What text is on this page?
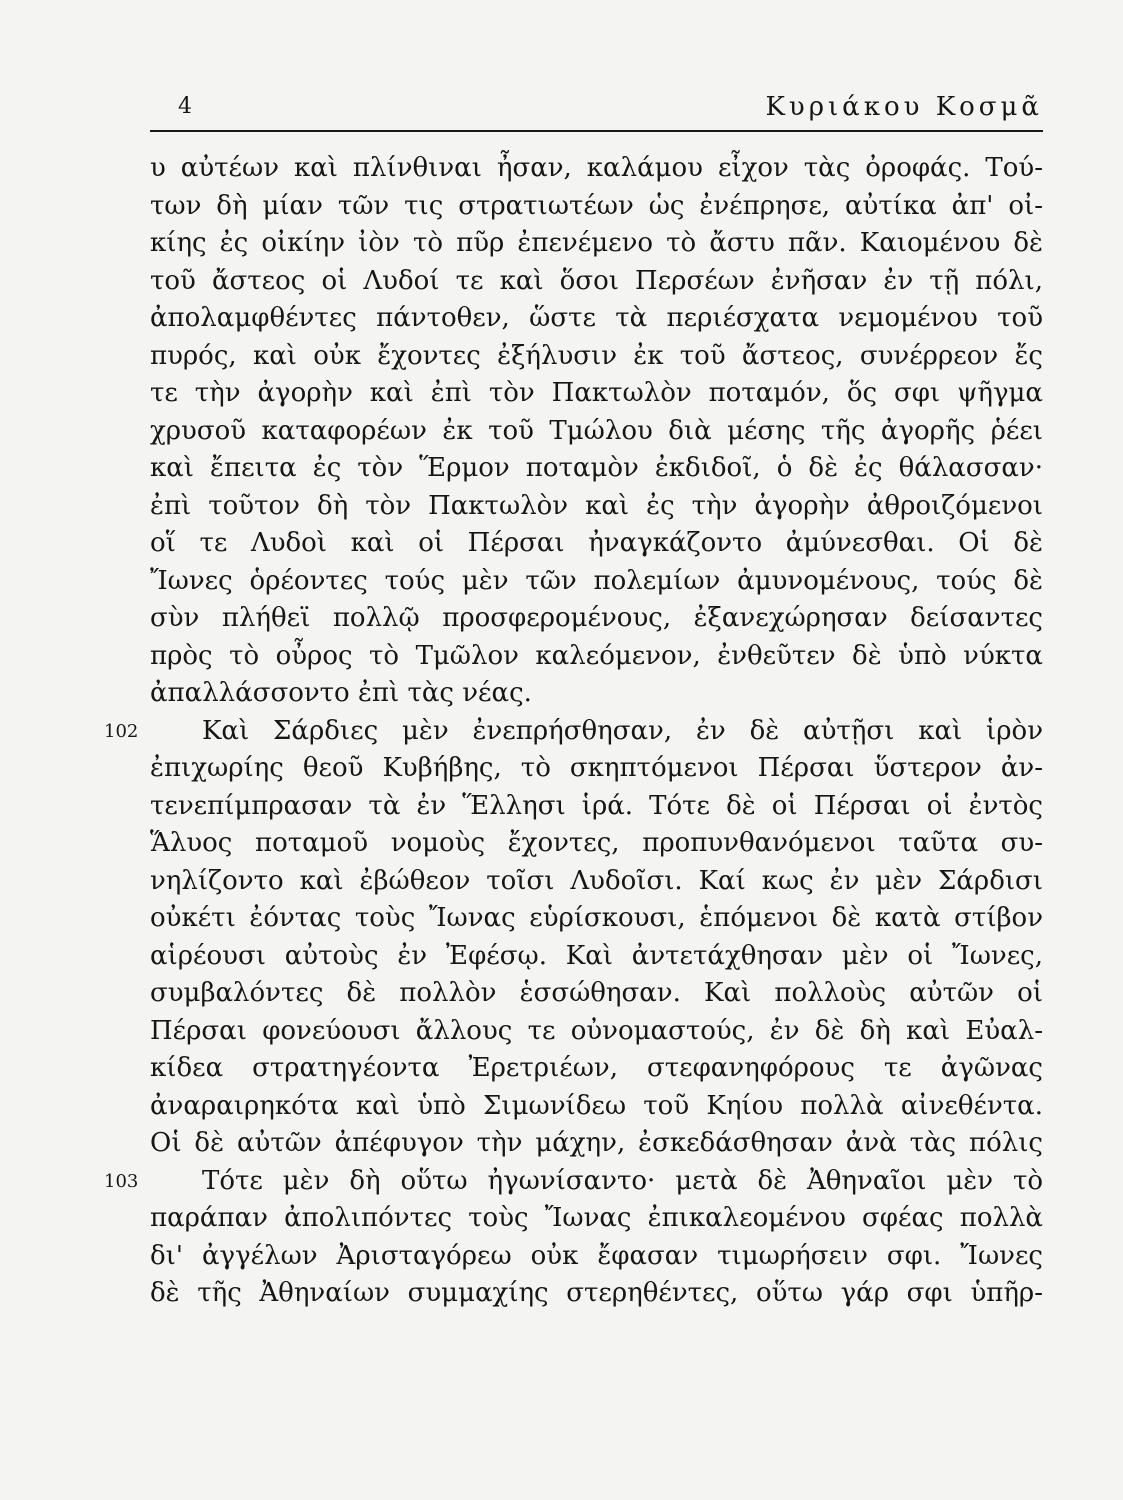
4	Κυριάκου Κοσμᾶ
υ αὐτέων καὶ πλίνθιναι ἦσαν, καλάμου εἶχον τὰς ὀροφάς. Τού-
των δὴ μίαν τῶν τις στρατιωτέων ὡς ἐνέπρησε, αὐτίκα ἀπ' οἰ-
κίης ἐς οἰκίην ἰὸν τὸ πῦρ ἐπενέμενο τὸ ἄστυ πᾶν. Καιομένου δὲ
τοῦ ἄστεος οἱ Λυδοί τε καὶ ὅσοι Περσέων ἐνῆσαν ἐν τῇ πόλι,
ἀπολαμφθέντες πάντοθεν, ὥστε τὰ περιέσχατα νεμομένου τοῦ
πυρός, καὶ οὐκ ἔχοντες ἐξήλυσιν ἐκ τοῦ ἄστεος, συνέρρεον ἔς
τε τὴν ἀγορὴν καὶ ἐπὶ τὸν Πακτωλὸν ποταμόν, ὅς σφι ψῆγμα
χρυσοῦ καταφορέων ἐκ τοῦ Τμώλου διὰ μέσης τῆς ἀγορῆς ῥέει
καὶ ἔπειτα ἐς τὸν Ἕρμον ποταμὸν ἐκδιδοῖ, ὁ δὲ ἐς θάλασσαν·
ἐπὶ τοῦτον δὴ τὸν Πακτωλὸν καὶ ἐς τὴν ἀγορὴν ἀθροιζόμενοι
οἵ τε Λυδοὶ καὶ οἱ Πέρσαι ἠναγκάζοντο ἀμύνεσθαι. Οἱ δὲ
Ἴωνες ὁρέοντες τούς μὲν τῶν πολεμίων ἀμυνομένους, τούς δὲ
σὺν πλήθεϊ πολλῷ προσφερομένους, ἐξανεχώρησαν δείσαντες
πρὸς τὸ οὖρος τὸ Τμῶλον καλεόμενον, ἐνθεῦτεν δὲ ὑπὸ νύκτα
ἀπαλλάσσοντο ἐπὶ τὰς νέας.
102 Καὶ Σάρδιες μὲν ἐνεπρήσθησαν, ἐν δὲ αὐτῇσι καὶ ἱρὸν
ἐπιχωρίης θεοῦ Κυβήβης, τὸ σκηπτόμενοι Πέρσαι ὕστερον ἀν-
τενεπίμπρασαν τὰ ἐν Ἕλλησι ἱρά. Τότε δὲ οἱ Πέρσαι οἱ ἐντὸς
Ἅλυος ποταμοῦ νομοὺς ἔχοντες, προπυνθανόμενοι ταῦτα συ-
νηλίζοντο καὶ ἐβώθεον τοῖσι Λυδοῖσι. Καί κως ἐν μὲν Σάρδισι
οὐκέτι ἐόντας τοὺς Ἴωνας εὑρίσκουσι, ἑπόμενοι δὲ κατὰ στίβον
αἱρέουσι αὐτοὺς ἐν Ἐφέσῳ. Καὶ ἀντετάχθησαν μὲν οἱ Ἴωνες,
συμβαλόντες δὲ πολλὸν ἑσσώθησαν. Καὶ πολλοὺς αὐτῶν οἱ
Πέρσαι φονεύουσι ἄλλους τε οὐνομαστούς, ἐν δὲ δὴ καὶ Εὐαλ-
κίδεα στρατηγέοντα Ἐρετριέων, στεφανηφόρους τε ἀγῶνας
ἀναραιρηκότα καὶ ὑπὸ Σιμωνίδεω τοῦ Κηίου πολλὰ αἰνεθέντα.
Οἱ δὲ αὐτῶν ἀπέφυγον τὴν μάχην, ἐσκεδάσθησαν ἀνὰ τὰς πόλις
103 Τότε μὲν δὴ οὕτω ἠγωνίσαντο· μετὰ δὲ Ἀθηναῖοι μὲν τὸ
παράπαν ἀπολιπόντες τοὺς Ἴωνας ἐπικαλεομένου σφέας πολλὰ
δι' ἀγγέλων Ἀρισταγόρεω οὐκ ἔφασαν τιμωρήσειν σφι. Ἴωνες
δὲ τῆς Ἀθηναίων συμμαχίης στερηθέντες, οὕτω γάρ σφι ὑπῆρ-
